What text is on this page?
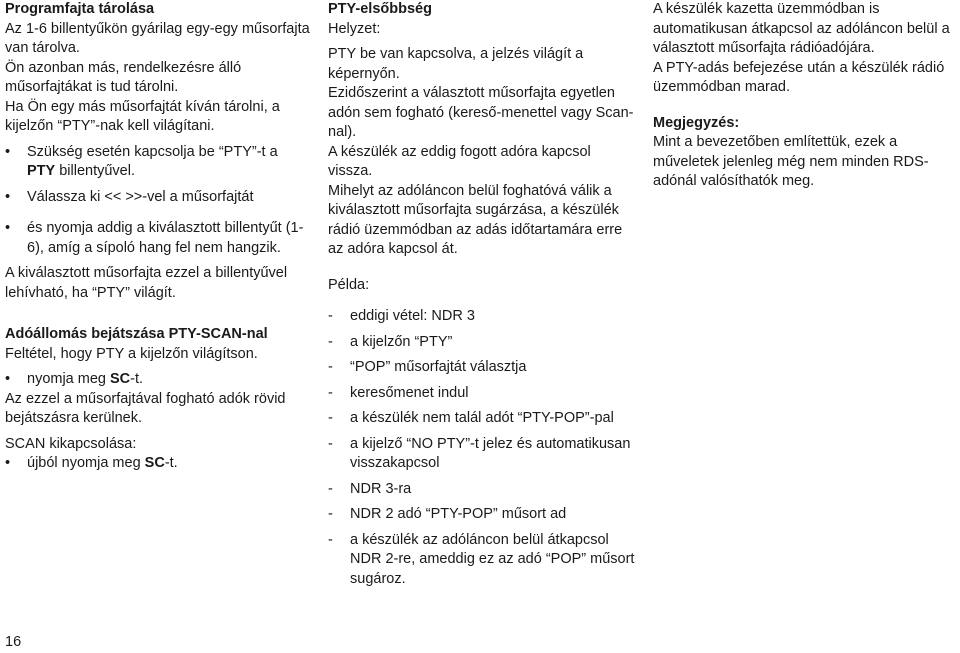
Programfajta tárolása

Az 1-6 billentyűkön gyárilag egy-egy műsorfajta van tárolva.

Ön azonban más, rendelkezésre álló műsorfajtákat is tud tárolni.

Ha Ön egy más műsorfajtát kíván tárolni, a kijelzőn “PTY”-nak kell világítani.

• Szükség esetén kapcsolja be “PTY”-t a
PTY billentyűvel.

• Válassza ki << >>-vel a műsorfajtát

• és nyomja addig a kiválasztott billentyűt (1-6), amíg a sípoló hang fel nem hangzik.

A kiválasztott műsorfajta ezzel a billentyűvel lehívható, ha “PTY” világít.

Adóállomás bejátszása PTY-SCAN-nal

Feltétel, hogy PTY a kijelzőn világítson.

• nyomja meg SC-t.

Az ezzel a műsorfajtával fogható adók rövid bejátszásra kerülnek.

SCAN kikapcsolása:

• újból nyomja meg SC-t.

PTY-elsőbbség

Helyzet:

PTY be van kapcsolva, a jelzés világít a képernyőn.

Ezidőszerint a választott műsorfajta egyetlen adón sem fogható (kereső-menettel vagy Scan-nal).

A készülék az eddig fogott adóra kapcsol vissza.

Mihelyt az adóláncon belül foghatóvá válik a kiválasztott műsorfajta sugárzása, a készülék rádió üzemmódban az adás időtartamára erre az adóra kapcsol át.

Példa:

- eddigi vétel: NDR 3

- a kijelzőn “PTY”

- “POP” műsorfajtát választja

- keresőmenet indul

- a készülék nem talál adót “PTY-POP”-pal

- a kijelző “NO PTY”-t jelez és automatikusan visszakapcsol

- NDR 3-ra

- NDR 2 adó “PTY-POP” műsort ad

- a készülék az adóláncon belül átkapcsol NDR 2-re, ameddig ez az adó “POP” műsort sugároz.

A készülék kazetta üzemmódban is automatikusan átkapcsol az adóláncon belül a választott műsorfajta rádióadójára.

A PTY-adás befejezése után a készülék rádió üzemmódban marad.

Megjegyzés:

Mint a bevezetőben említettük, ezek a műveletek jelenleg még nem minden RDS-adónál valósíthatók meg.

16
